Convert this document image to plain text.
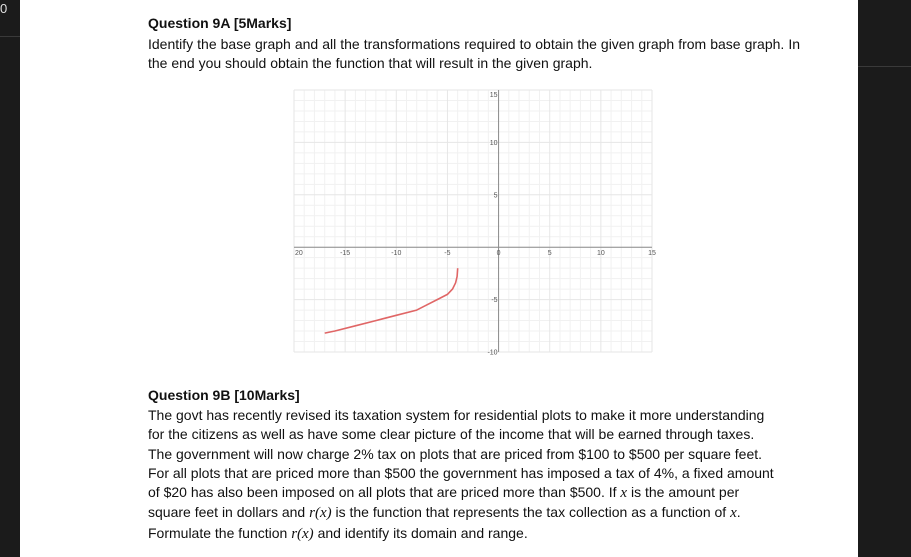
0
Question 9A [5Marks]
Identify the base graph and all the transformations required to obtain the given graph from base graph. In the end you should obtain the function that will result in the given graph.
20	-15	-10	-5	0	5	10	15
15
10
5
-5
-10
Question 9B [10Marks]
The govt has recently revised its taxation system for residential plots to make it more understanding
for the citizens as well as have some clear picture of the income that will be earned through taxes.
The government will now charge 2% tax on plots that are priced from $100 to $500 per square feet.
For all plots that are priced more than $500 the government has imposed a tax of 4%, a fixed amount
of $20 has also been imposed on all plots that are priced more than $500. If x is the amount per
square feet in dollars and r(x) is the function that represents the tax collection as a function of x.
Formulate the function r(x) and identify its domain and range.
